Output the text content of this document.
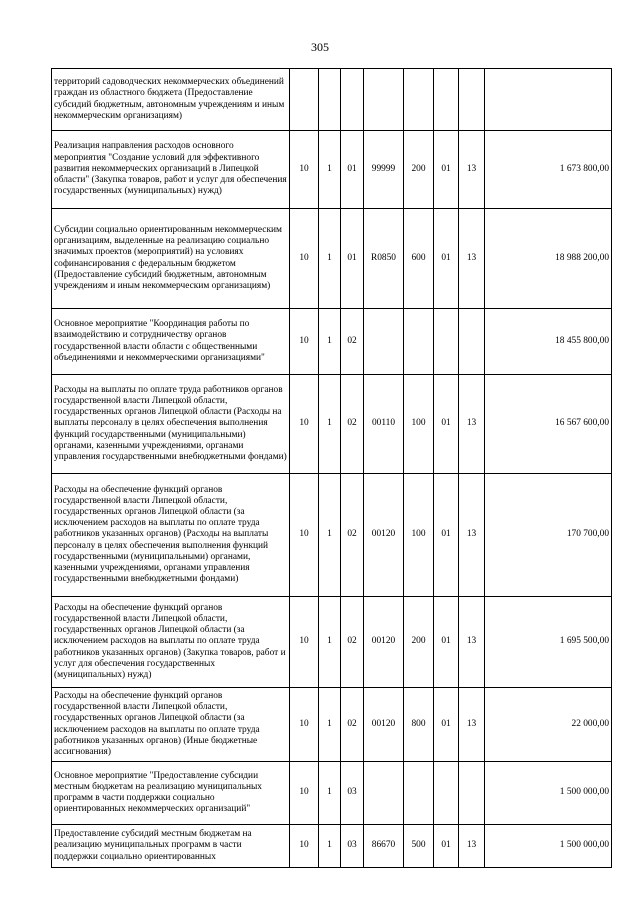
305
территорий садоводческих некоммерческих объединений граждан из областного бюджета (Предоставление субсидий бюджетным, автономным учреждениям и иным некоммерческим организациям)								
Реализация направления расходов основного мероприятия "Создание условий для эффективного развития некоммерческих организаций в Липецкой области" (Закупка товаров, работ и услуг для обеспечения государственных (муниципальных) нужд)	10	1	01	99999	200	01	13	1 673 800,00
Субсидии социально ориентированным некоммерческим организациям, выделенные на реализацию социально значимых проектов (мероприятий) на условиях софинансирования с федеральным бюджетом (Предоставление субсидий бюджетным, автономным учреждениям и иным некоммерческим организациям)	10	1	01	R0850	600	01	13	18 988 200,00
Основное мероприятие "Координация работы по взаимодействию и сотрудничеству органов государственной власти области с общественными объединениями и некоммерческими организациями"	10	1	02					18 455 800,00
Расходы на выплаты по оплате труда работников органов государственной власти Липецкой области, государственных органов Липецкой области (Расходы на выплаты персоналу в целях обеспечения выполнения функций государственными (муниципальными) органами, казенными учреждениями, органами управления государственными внебюджетными фондами)	10	1	02	00110	100	01	13	16 567 600,00
Расходы на обеспечение функций органов государственной власти Липецкой области, государственных органов Липецкой области (за исключением расходов на выплаты по оплате труда работников указанных органов) (Расходы на выплаты персоналу в целях обеспечения выполнения функций государственными (муниципальными) органами, казенными учреждениями, органами управления государственными внебюджетными фондами)	10	1	02	00120	100	01	13	170 700,00
Расходы на обеспечение функций органов государственной власти Липецкой области, государственных органов Липецкой области (за исключением расходов на выплаты по оплате труда работников указанных органов) (Закупка товаров, работ и услуг для обеспечения государственных (муниципальных) нужд)	10	1	02	00120	200	01	13	1 695 500,00
Расходы на обеспечение функций органов государственной власти Липецкой области, государственных органов Липецкой области (за исключением расходов на выплаты по оплате труда работников указанных органов) (Иные бюджетные ассигнования)	10	1	02	00120	800	01	13	22 000,00
Основное мероприятие "Предоставление субсидии местным бюджетам на реализацию муниципальных программ в части поддержки социально ориентированных некоммерческих организаций"	10	1	03					1 500 000,00
Предоставление субсидий местным бюджетам на реализацию муниципальных программ в части поддержки социально ориентированных	10	1	03	86670	500	01	13	1 500 000,00
